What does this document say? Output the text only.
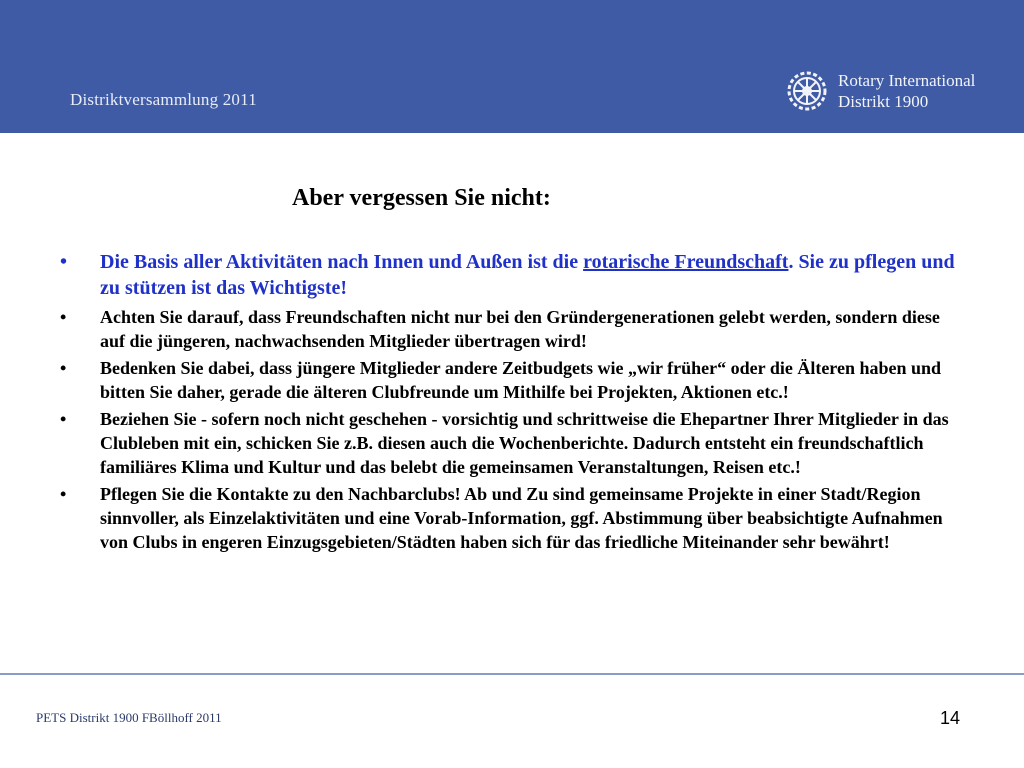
Distriktversammlung 2011
Rotary International
Distrikt 1900
Aber vergessen Sie nicht:
• Die Basis aller Aktivitäten nach Innen und Außen ist die rotarische Freundschaft. Sie zu pflegen und zu stützen ist das Wichtigste!
• Achten Sie darauf, dass Freundschaften nicht nur bei den Gründergenerationen gelebt werden, sondern diese auf die jüngeren, nachwachsenden Mitglieder übertragen wird!
• Bedenken Sie dabei, dass jüngere Mitglieder andere Zeitbudgets wie „wir früher“ oder die Älteren haben und bitten Sie daher, gerade die älteren Clubfreunde um Mithilfe bei Projekten, Aktionen etc.!
• Beziehen Sie - sofern noch nicht geschehen - vorsichtig und schrittweise die Ehepartner Ihrer Mitglieder in das Clubleben mit ein, schicken Sie z.B. diesen auch die Wochenberichte. Dadurch entsteht ein freundschaftlich familiäres Klima und Kultur und das belebt die gemeinsamen Veranstaltungen, Reisen etc.!
• Pflegen Sie die Kontakte zu den Nachbarclubs! Ab und Zu sind gemeinsame Projekte in einer Stadt/Region sinnvoller, als Einzelaktivitäten und eine Vorab-Information, ggf. Abstimmung über beabsichtigte Aufnahmen von Clubs in engeren Einzugsgebieten/Städten haben sich für das friedliche Miteinander sehr bewährt!
PETS Distrikt 1900 FBöllhoff 2011	14
